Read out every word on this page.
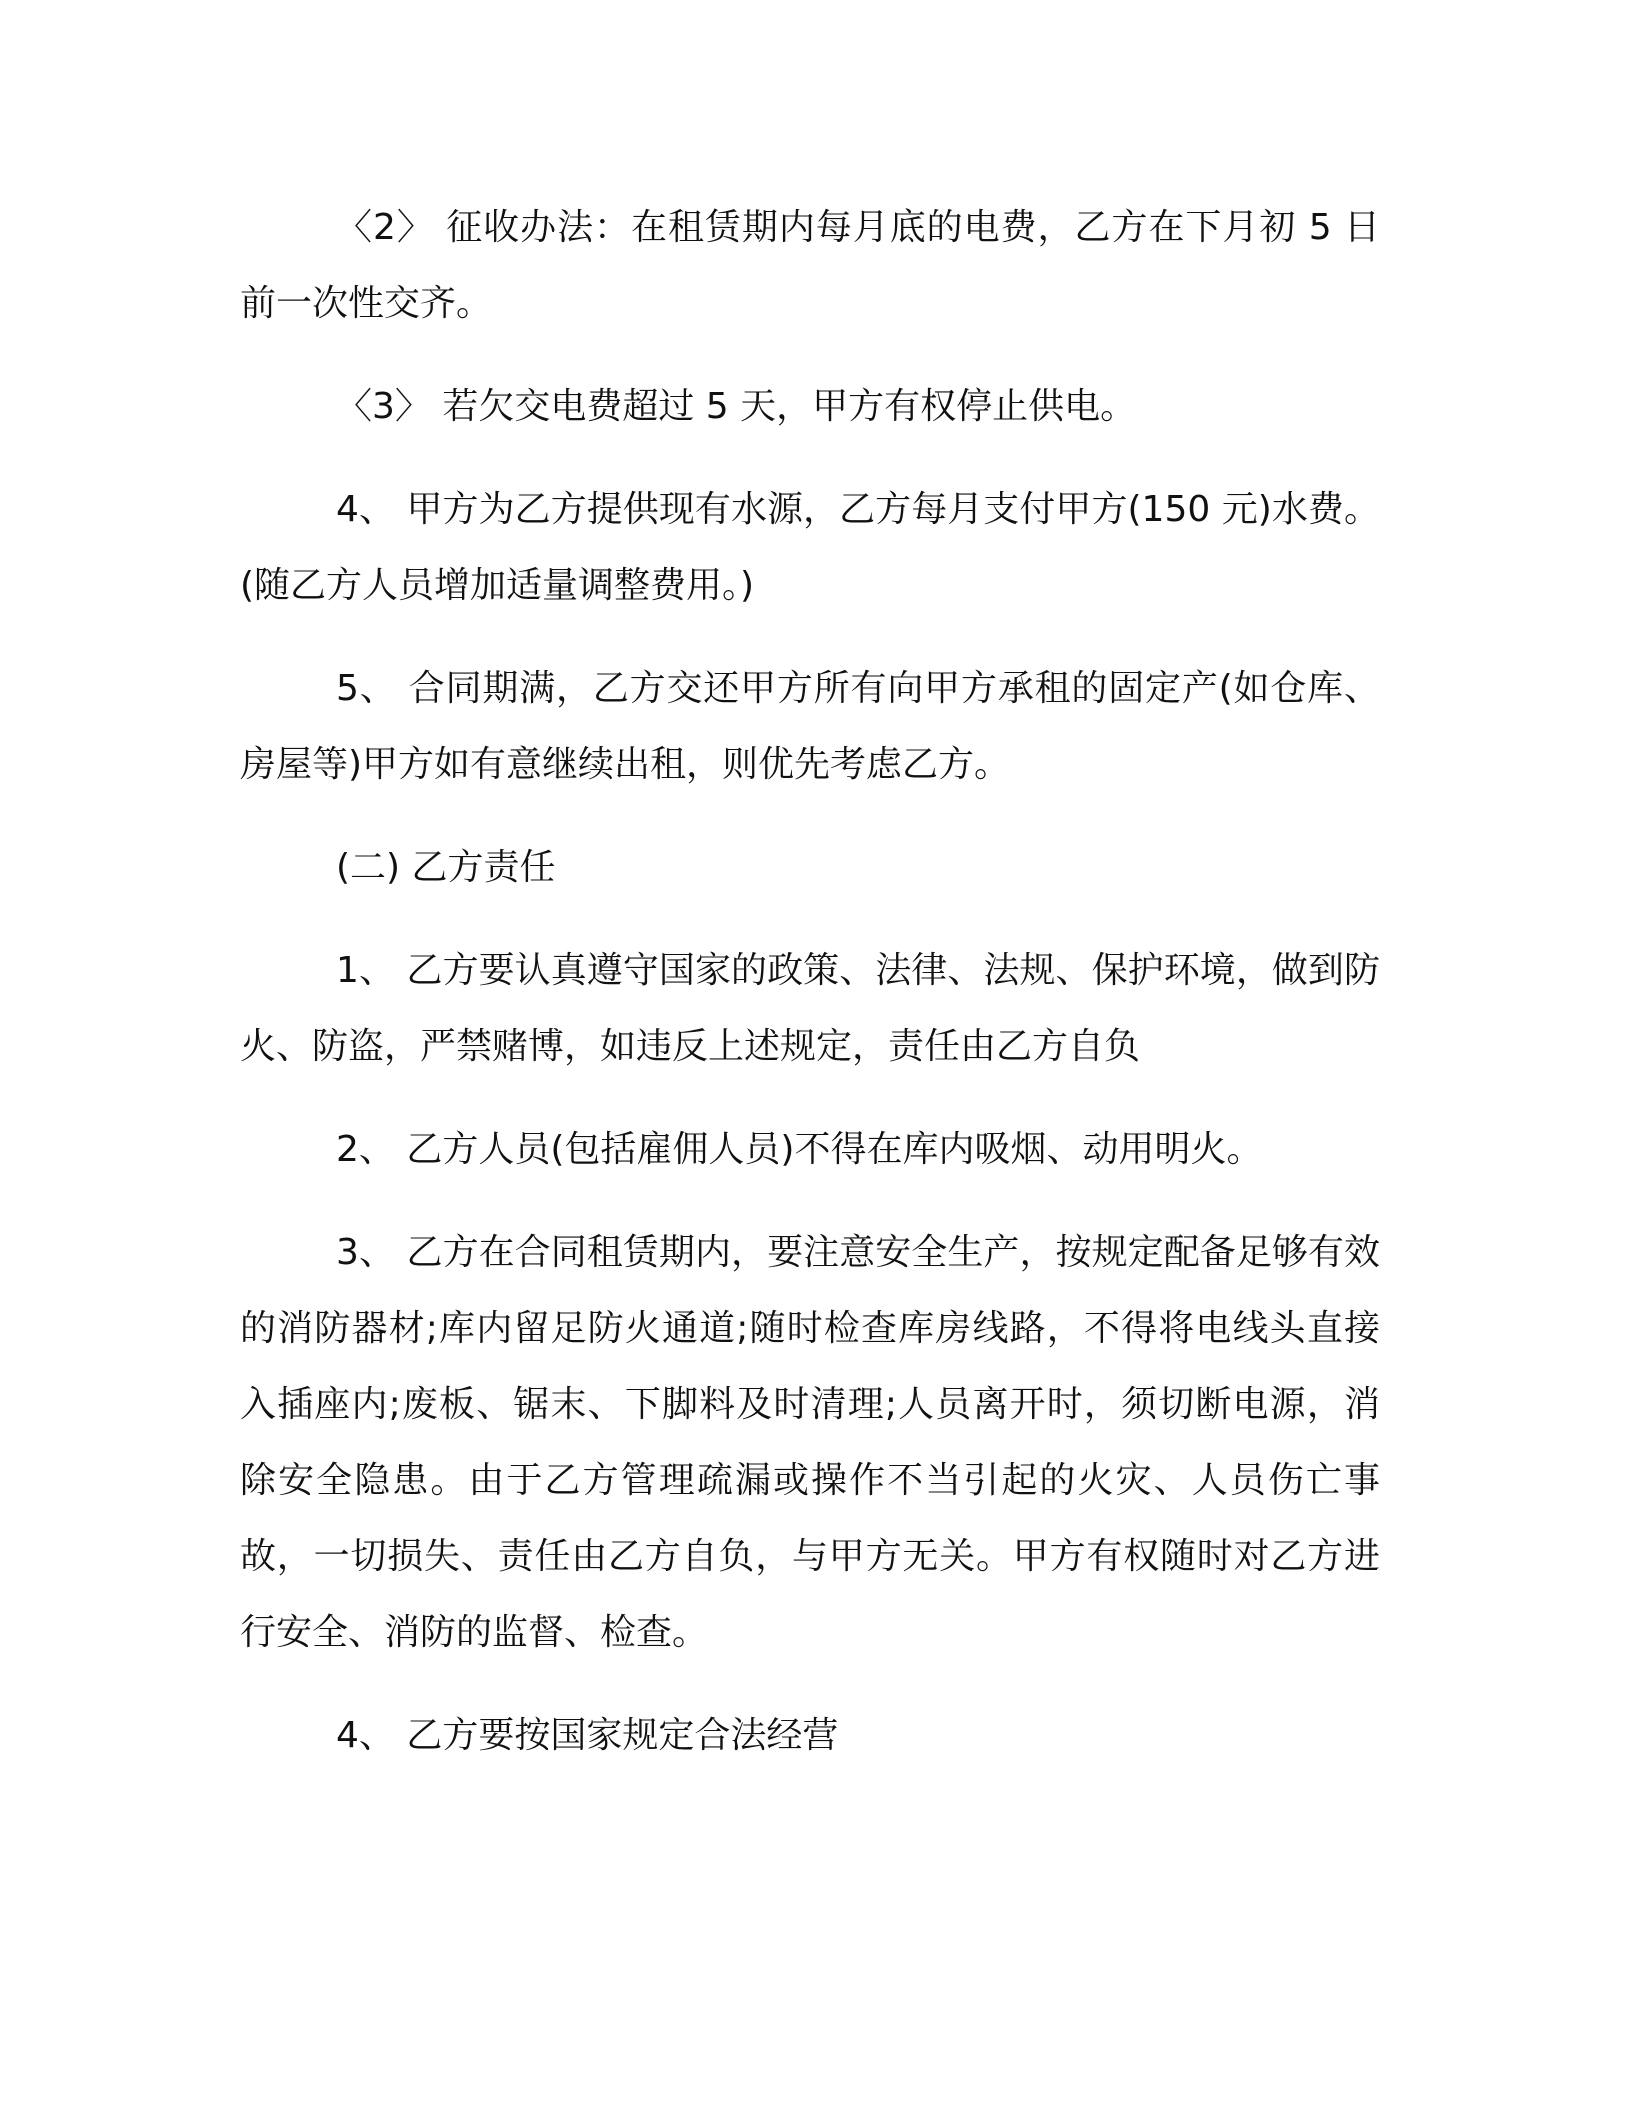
〈2〉 征收办法：在租赁期内每月底的电费，乙方在下月初 5 日前一次性交齐。

〈3〉 若欠交电费超过 5 天，甲方有权停止供电。

4、 甲方为乙方提供现有水源，乙方每月支付甲方(150 元)水费。(随乙方人员增加适量调整费用。)

5、 合同期满，乙方交还甲方所有向甲方承租的固定产(如仓库、房屋等)甲方如有意继续出租，则优先考虑乙方。

(二) 乙方责任

1、 乙方要认真遵守国家的政策、法律、法规、保护环境，做到防火、防盗，严禁赌博，如违反上述规定，责任由乙方自负

2、 乙方人员(包括雇佣人员)不得在库内吸烟、动用明火。

3、 乙方在合同租赁期内，要注意安全生产，按规定配备足够有效的消防器材;库内留足防火通道;随时检查库房线路，不得将电线头直接入插座内;废板、锯末、下脚料及时清理;人员离开时，须切断电源，消除安全隐患。由于乙方管理疏漏或操作不当引起的火灾、人员伤亡事故，一切损失、责任由乙方自负，与甲方无关。甲方有权随时对乙方进行安全、消防的监督、检查。

4、 乙方要按国家规定合法经营
